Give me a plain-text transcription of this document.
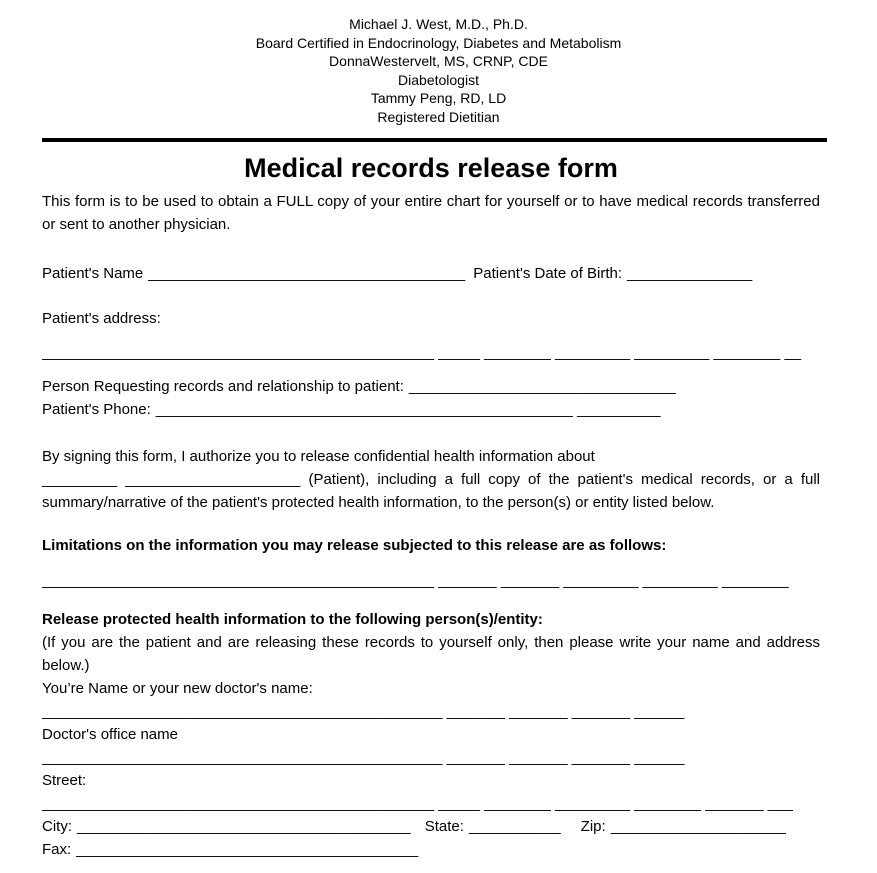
Michael J. West, M.D., Ph.D.
Board Certified in Endocrinology, Diabetes and Metabolism
DonnaWestervelt, MS, CRNP, CDE
Diabetologist
Tammy Peng, RD, LD
Registered Dietitian
Medical records release form

This form is to be used to obtain a FULL copy of your entire chart for yourself or to have medical records transferred or sent to another physician.

Patient's Name ______________________________________ Patient's Date of Birth: _______________
Patient's address:
_______________________________________________ _____ ________ _________ _________ ________ __
Person Requesting records and relationship to patient: ________________________________
Patient's Phone: __________________________________________________ __________

By signing this form, I authorize you to release confidential health information about
_________ _____________________ (Patient), including a full copy of the patient's medical records, or a full summary/narrative of the patient's protected health information, to the person(s) or entity listed below.

Limitations on the information you may release subjected to this release are as follows:
_______________________________________________ _______ _______ _________ _________ ________
Release protected health information to the following person(s)/entity:

(If you are the patient and are releasing these records to yourself only, then please write your name and address below.)

You’re Name or your new doctor's name:
________________________________________________ _______ _______ _______ ______
Doctor's office name
________________________________________________ _______ _______ _______ ______
Street:
_______________________________________________ _____ ________ _________ ________ _______ ___
City: ________________________________________ State: ___________ Zip: _____________________
Fax: _________________________________________
